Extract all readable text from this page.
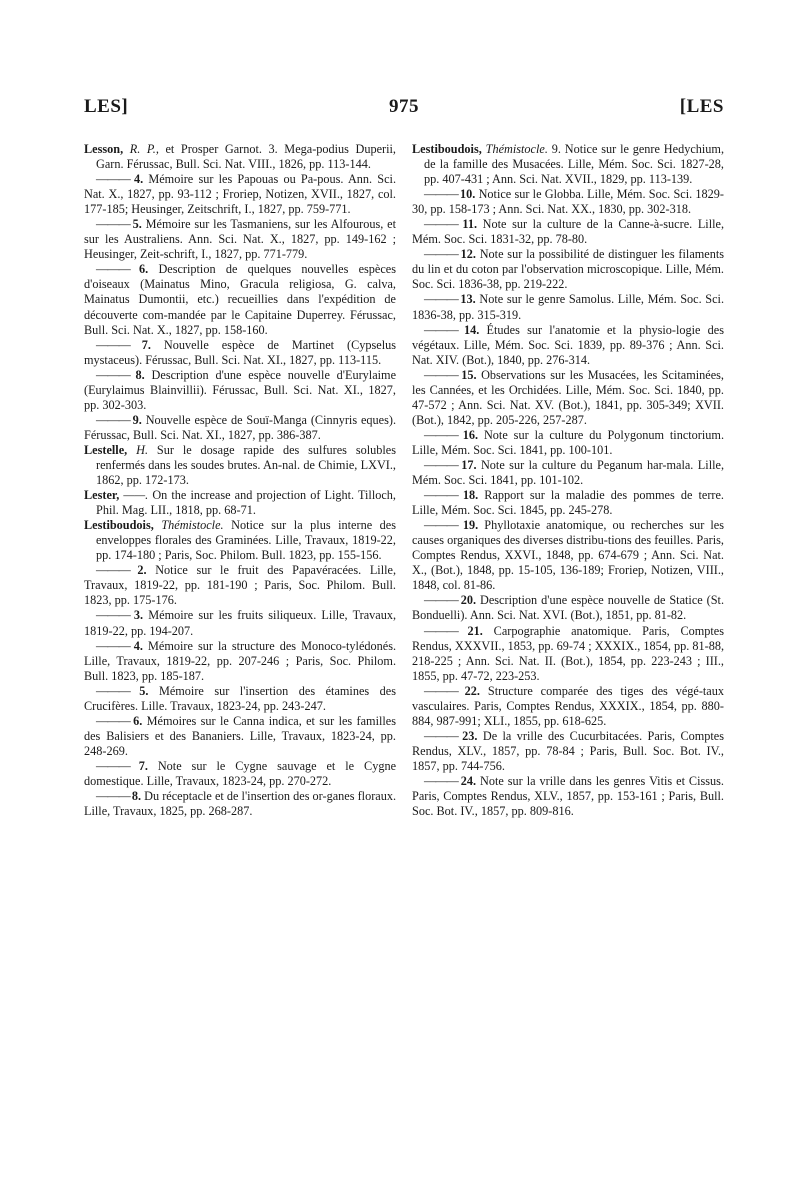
LES]	975	[LES

Lesson, R. P., et Prosper Garnot. 3. Mega-podius Duperii, Garn. Férussac, Bull. Sci. Nat. VIII., 1826, pp. 113-144.

——— 4. Mémoire sur les Papouas ou Pa-pous. Ann. Sci. Nat. X., 1827, pp. 93-112 ; Froriep, Notizen, XVII., 1827, col. 177-185; Heusinger, Zeitschrift, I., 1827, pp. 759-771.

——— 5. Mémoire sur les Tasmaniens, sur les Alfourous, et sur les Australiens. Ann. Sci. Nat. X., 1827, pp. 149-162 ; Heusinger, Zeit-schrift, I., 1827, pp. 771-779.

——— 6. Description de quelques nouvelles espèces d'oiseaux (Mainatus Mino, Gracula religiosa, G. calva, Mainatus Dumontii, etc.) recueillies dans l'expédition de découverte com-mandée par le Capitaine Duperrey. Férussac, Bull. Sci. Nat. X., 1827, pp. 158-160.

——— 7. Nouvelle espèce de Martinet (Cypselus mystaceus). Férussac, Bull. Sci. Nat. XI., 1827, pp. 113-115.

——— 8. Description d'une espèce nouvelle d'Eurylaime (Eurylaimus Blainvillii). Férussac, Bull. Sci. Nat. XI., 1827, pp. 302-303.

——— 9. Nouvelle espèce de Souï-Manga (Cinnyris eques). Férussac, Bull. Sci. Nat. XI., 1827, pp. 386-387.

Lestelle, H. Sur le dosage rapide des sulfures solubles renfermés dans les soudes brutes. An-nal. de Chimie, LXVI., 1862, pp. 172-173.

Lester, ——. On the increase and projection of Light. Tilloch, Phil. Mag. LII., 1818, pp. 68-71.

Lestiboudois, Thémistocle. Notice sur la plus interne des enveloppes florales des Graminées. Lille, Travaux, 1819-22, pp. 174-180 ; Paris, Soc. Philom. Bull. 1823, pp. 155-156.

——— 2. Notice sur le fruit des Papavéracées. Lille, Travaux, 1819-22, pp. 181-190 ; Paris, Soc. Philom. Bull. 1823, pp. 175-176.

——— 3. Mémoire sur les fruits siliqueux. Lille, Travaux, 1819-22, pp. 194-207.

——— 4. Mémoire sur la structure des Monoco-tylédonés. Lille, Travaux, 1819-22, pp. 207-246 ; Paris, Soc. Philom. Bull. 1823, pp. 185-187.

——— 5. Mémoire sur l'insertion des étamines des Crucifères. Lille. Travaux, 1823-24, pp. 243-247.

——— 6. Mémoires sur le Canna indica, et sur les familles des Balisiers et des Bananiers. Lille, Travaux, 1823-24, pp. 248-269.

——— 7. Note sur le Cygne sauvage et le Cygne domestique. Lille, Travaux, 1823-24, pp. 270-272.

——— 8. Du réceptacle et de l'insertion des or-ganes floraux. Lille, Travaux, 1825, pp. 268-287.

Lestiboudois, Thémistocle. 9. Notice sur le genre Hedychium, de la famille des Musacées. Lille, Mém. Soc. Sci. 1827-28, pp. 407-431 ; Ann. Sci. Nat. XVII., 1829, pp. 113-139.

——— 10. Notice sur le Globba. Lille, Mém. Soc. Sci. 1829-30, pp. 158-173 ; Ann. Sci. Nat. XX., 1830, pp. 302-318.

——— 11. Note sur la culture de la Canne-à-sucre. Lille, Mém. Soc. Sci. 1831-32, pp. 78-80.

——— 12. Note sur la possibilité de distinguer les filaments du lin et du coton par l'observation microscopique. Lille, Mém. Soc. Sci. 1836-38, pp. 219-222.

——— 13. Note sur le genre Samolus. Lille, Mém. Soc. Sci. 1836-38, pp. 315-319.

——— 14. Études sur l'anatomie et la physio-logie des végétaux. Lille, Mém. Soc. Sci. 1839, pp. 89-376 ; Ann. Sci. Nat. XIV. (Bot.), 1840, pp. 276-314.

——— 15. Observations sur les Musacées, les Scitaminées, les Cannées, et les Orchidées. Lille, Mém. Soc. Sci. 1840, pp. 47-572 ; Ann. Sci. Nat. XV. (Bot.), 1841, pp. 305-349; XVII. (Bot.), 1842, pp. 205-226, 257-287.

——— 16. Note sur la culture du Polygonum tinctorium. Lille, Mém. Soc. Sci. 1841, pp. 100-101.

——— 17. Note sur la culture du Peganum har-mala. Lille, Mém. Soc. Sci. 1841, pp. 101-102.

——— 18. Rapport sur la maladie des pommes de terre. Lille, Mém. Soc. Sci. 1845, pp. 245-278.

——— 19. Phyllotaxie anatomique, ou recherches sur les causes organiques des diverses distribu-tions des feuilles. Paris, Comptes Rendus, XXVI., 1848, pp. 674-679 ; Ann. Sci. Nat. X., (Bot.), 1848, pp. 15-105, 136-189; Froriep, Notizen, VIII., 1848, col. 81-86.

——— 20. Description d'une espèce nouvelle de Statice (St. Bonduelli). Ann. Sci. Nat. XVI. (Bot.), 1851, pp. 81-82.

——— 21. Carpographie anatomique. Paris, Comptes Rendus, XXXVII., 1853, pp. 69-74 ; XXXIX., 1854, pp. 81-88, 218-225 ; Ann. Sci. Nat. II. (Bot.), 1854, pp. 223-243 ; III., 1855, pp. 47-72, 223-253.

——— 22. Structure comparée des tiges des végé-taux vasculaires. Paris, Comptes Rendus, XXXIX., 1854, pp. 880-884, 987-991; XLI., 1855, pp. 618-625.

——— 23. De la vrille des Cucurbitacées. Paris, Comptes Rendus, XLV., 1857, pp. 78-84 ; Paris, Bull. Soc. Bot. IV., 1857, pp. 744-756.

——— 24. Note sur la vrille dans les genres Vitis et Cissus. Paris, Comptes Rendus, XLV., 1857, pp. 153-161 ; Paris, Bull. Soc. Bot. IV., 1857, pp. 809-816.
